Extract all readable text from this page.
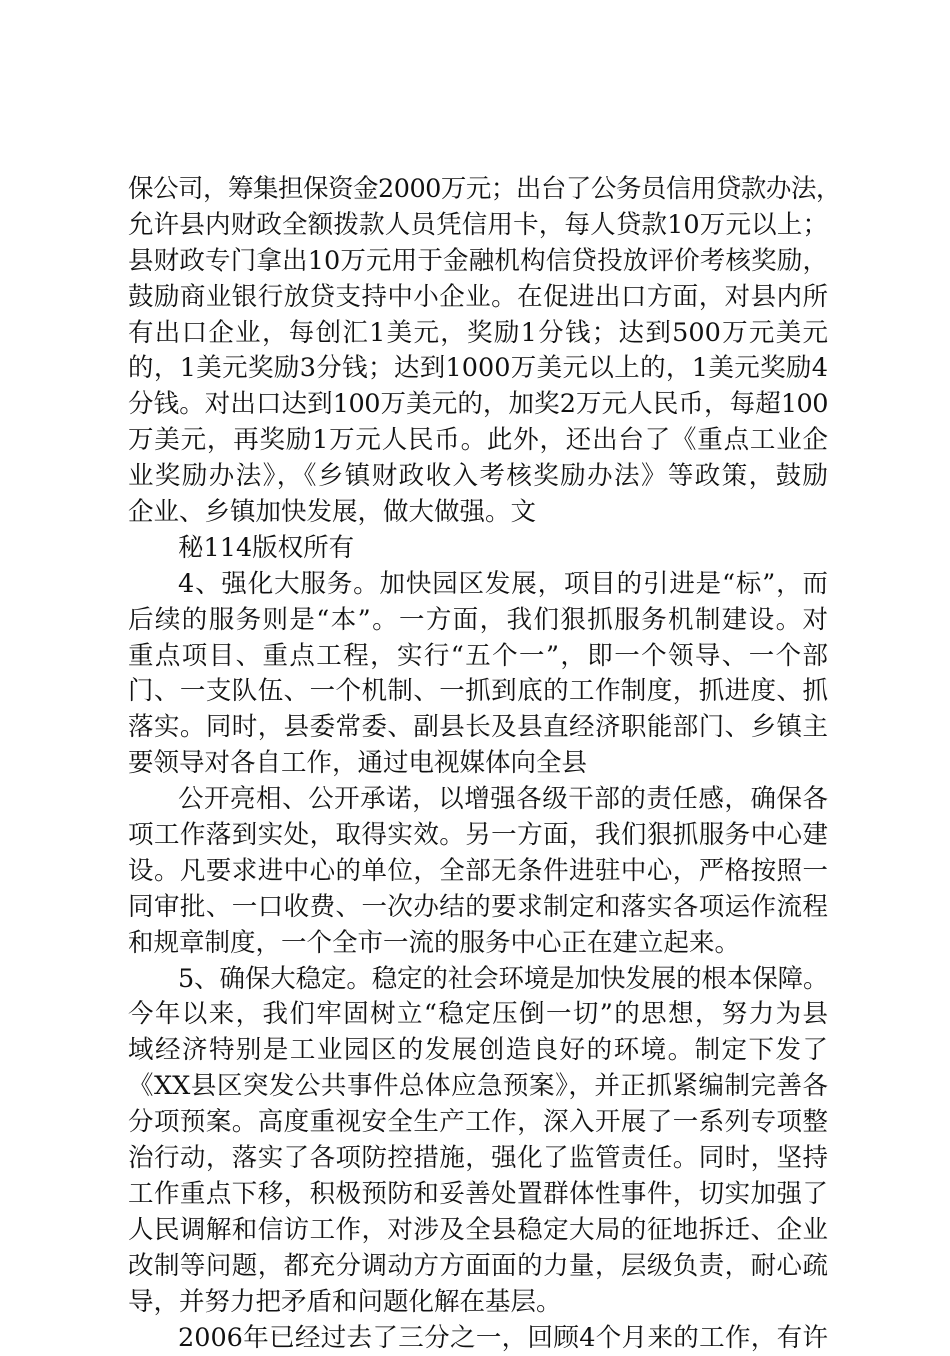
保公司，筹集担保资金2000万元；出台了公务员信用贷款办法，
允许县内财政全额拨款人员凭信用卡，每人贷款10万元以上；
县财政专门拿出10万元用于金融机构信贷投放评价考核奖励，
鼓励商业银行放贷支持中小企业。在促进出口方面，对县内所
有出口企业，每创汇1美元，奖励1分钱；达到500万元美元
的，1美元奖励3分钱；达到1000万美元以上的，1美元奖励4
分钱。对出口达到100万美元的，加奖2万元人民币，每超100
万美元，再奖励1万元人民币。此外，还出台了《重点工业企
业奖励办法》，《乡镇财政收入考核奖励办法》等政策，鼓励
企业、乡镇加快发展，做大做强。文
秘114版权所有
4、强化大服务。加快园区发展，项目的引进是“标”，而
后续的服务则是“本”。一方面，我们狠抓服务机制建设。对
重点项目、重点工程，实行“五个一”，即一个领导、一个部
门、一支队伍、一个机制、一抓到底的工作制度，抓进度、抓
落实。同时，县委常委、副县长及县直经济职能部门、乡镇主
要领导对各自工作，通过电视媒体向全县
公开亮相、公开承诺，以增强各级干部的责任感，确保各
项工作落到实处，取得实效。另一方面，我们狠抓服务中心建
设。凡要求进中心的单位，全部无条件进驻中心，严格按照一
同审批、一口收费、一次办结的要求制定和落实各项运作流程
和规章制度，一个全市一流的服务中心正在建立起来。
5、确保大稳定。稳定的社会环境是加快发展的根本保障。
今年以来，我们牢固树立“稳定压倒一切”的思想，努力为县
域经济特别是工业园区的发展创造良好的环境。制定下发了
《XX县区突发公共事件总体应急预案》，并正抓紧编制完善各
分项预案。高度重视安全生产工作，深入开展了一系列专项整
治行动，落实了各项防控措施，强化了监管责任。同时，坚持
工作重点下移，积极预防和妥善处置群体性事件，切实加强了
人民调解和信访工作，对涉及全县稳定大局的征地拆迁、企业
改制等问题，都充分调动方方面面的力量，层级负责，耐心疏
导，并努力把矛盾和问题化解在基层。
2006年已经过去了三分之一，回顾4个月来的工作，有许
